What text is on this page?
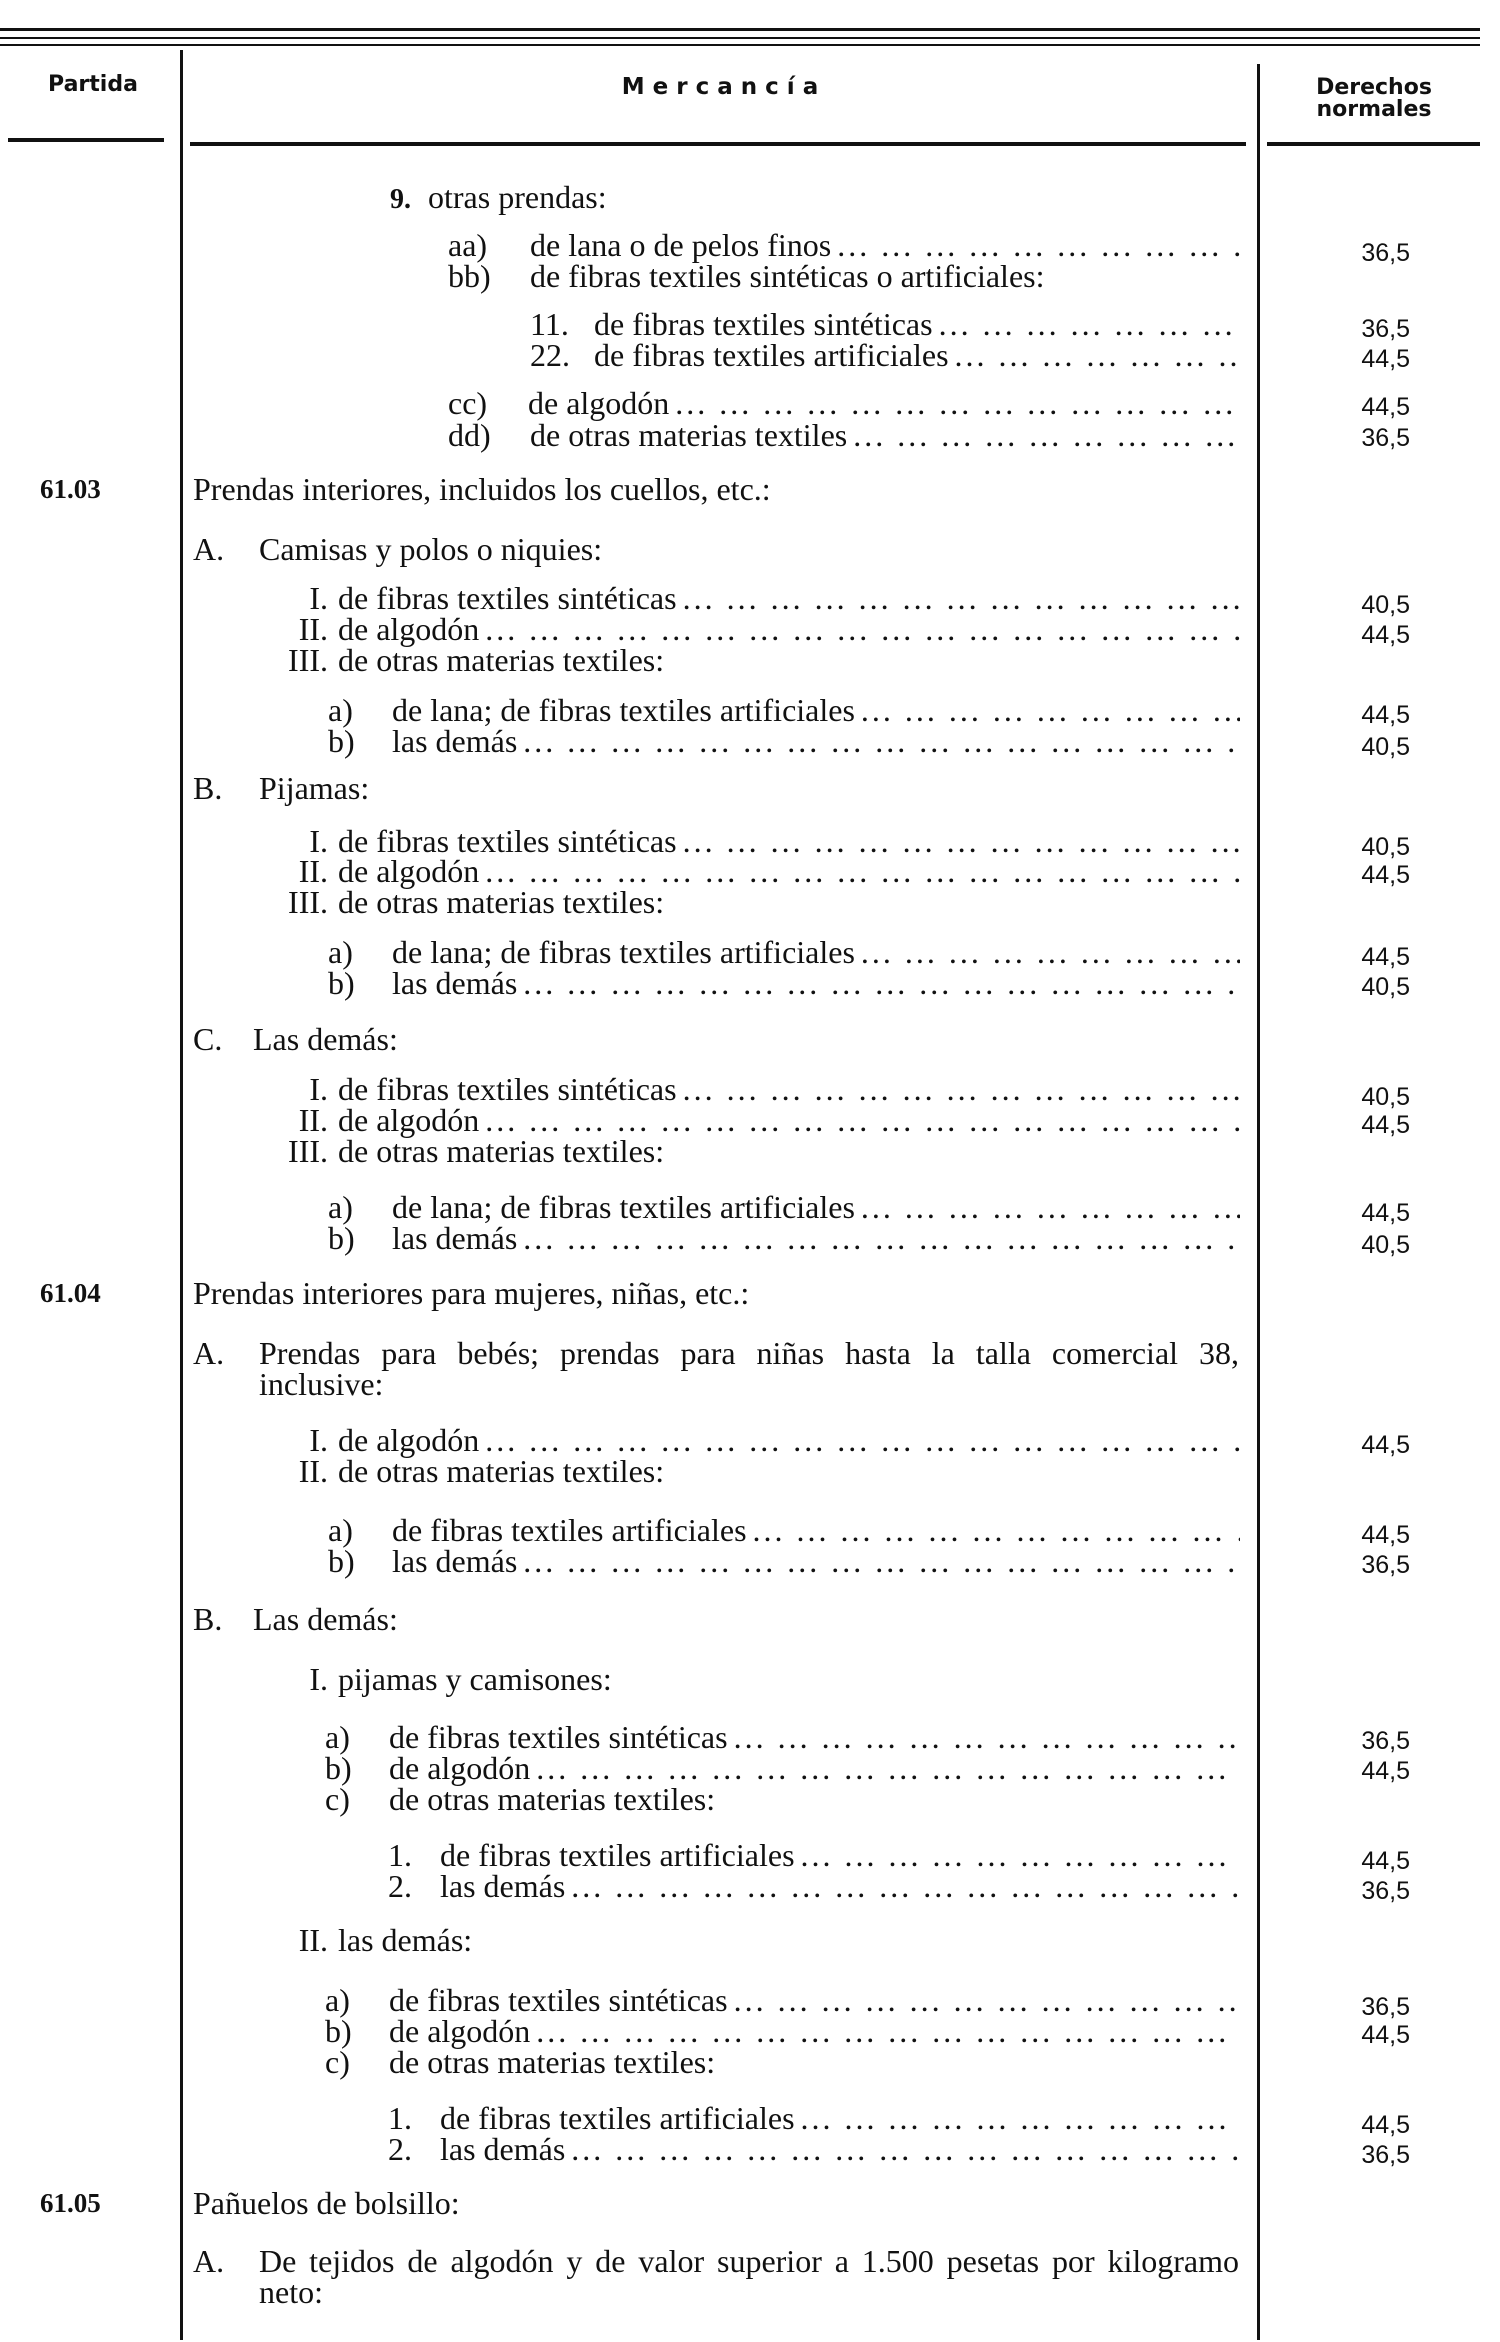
Partida	M e r c a n c í a	Derechos
normales
9. otras prendas:
aa)	de lana o de pelos finos ... .	36,5
bb)	de fibras textiles sintéticas o artificiales:
11. de fibras textiles sintéticas ... .	36,5
22. de fibras textiles artificiales ... .	44,5
cc)	de algodón ... .	44,5
dd)	de otras materias textiles ... .	36,5
61.03	Prendas interiores, incluidos los cuellos, etc.:
A.	Camisas y polos o niquies:
I. de fibras textiles sintéticas ... .	40,5
II. de algodón ... .	44,5
III. de otras materias textiles:
a)	de lana; de fibras textiles artificiales ... .	44,5
b)	las demás ... .	40,5
B.	Pijamas:
I. de fibras textiles sintéticas ... .	40,5
II. de algodón ... .	44,5
III. de otras materias textiles:
a)	de lana; de fibras textiles artificiales ... .	44,5
b)	las demás ... .	40,5
C. Las demás:
I. de fibras textiles sintéticas ... .	40,5
II. de algodón ... .	44,5
III. de otras materias textiles:
a)	de lana; de fibras textiles artificiales ... .	44,5
b)	las demás ... .	40,5
61.04	Prendas interiores para mujeres, niñas, etc.:
A.	Prendas para bebés; prendas para niñas hasta la talla comercial 38, inclusive:
I. de algodón ... .	44,5
II. de otras materias textiles:
a)	de fibras textiles artificiales ... .	44,5
b)	las demás ... .	36,5
B. Las demás:
I. pijamas y camisones:
a)	de fibras textiles sintéticas ... .	36,5
b)	de algodón ... .	44,5
c)	de otras materias textiles:
1. de fibras textiles artificiales ... .	44,5
2. las demás ... .	36,5
II. las demás:
a)	de fibras textiles sintéticas ... .	36,5
b)	de algodón ... .	44,5
c)	de otras materias textiles:
1. de fibras textiles artificiales ... .	44,5
2. las demás ... .	36,5
61.05	Pañuelos de bolsillo:
A.	De tejidos de algodón y de valor superior a 1.500 pesetas por kilogramo neto:
